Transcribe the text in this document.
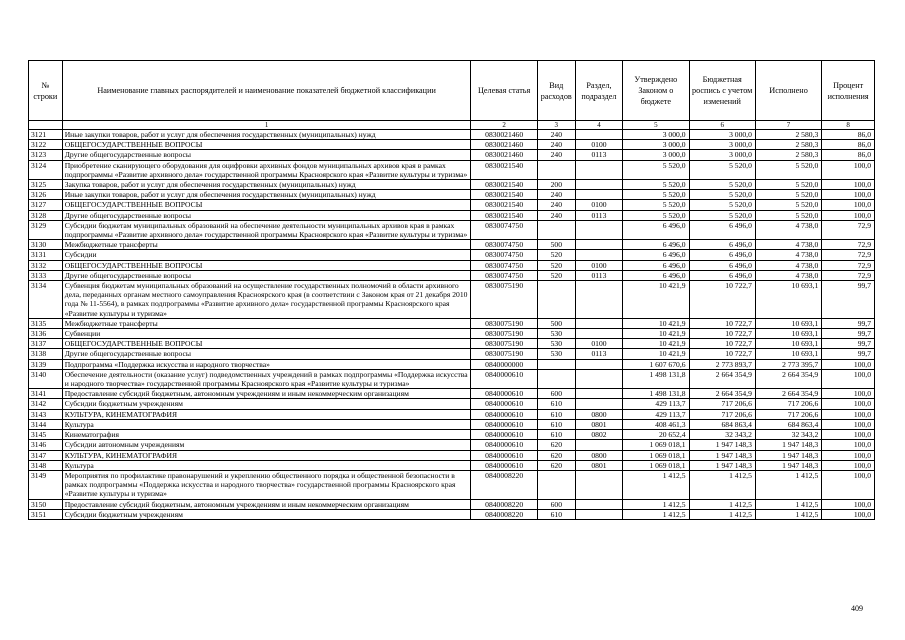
№ строки	Наименование главных распорядителей и наименование показателей бюджетной классификации	Целевая статья	Вид расходов	Раздел, подраздел	Утверждено Законом о бюджете	Бюджетная роспись с учетом изменений	Исполнено	Процент исполнения
	1	2	3	4	5	6	7	8
3121	Иные закупки товаров, работ и услуг для обеспечения государственных (муниципальных) нужд	0830021460	240		3 000,0	3 000,0	2 580,3	86,0
3122	ОБЩЕГОСУДАРСТВЕННЫЕ ВОПРОСЫ	0830021460	240	0100	3 000,0	3 000,0	2 580,3	86,0
3123	Другие общегосударственные вопросы	0830021460	240	0113	3 000,0	3 000,0	2 580,3	86,0
3124	Приобретение сканирующего оборудования для оцифровки архивных фондов муниципальных архивов края в рамках подпрограммы «Развитие архивного дела» государственной программы Красноярского края «Развитие культуры и туризма»	0830021540			5 520,0	5 520,0	5 520,0	100,0
3125	Закупка товаров, работ и услуг для обеспечения государственных (муниципальных) нужд	0830021540	200		5 520,0	5 520,0	5 520,0	100,0
3126	Иные закупки товаров, работ и услуг для обеспечения государственных (муниципальных) нужд	0830021540	240		5 520,0	5 520,0	5 520,0	100,0
3127	ОБЩЕГОСУДАРСТВЕННЫЕ ВОПРОСЫ	0830021540	240	0100	5 520,0	5 520,0	5 520,0	100,0
3128	Другие общегосударственные вопросы	0830021540	240	0113	5 520,0	5 520,0	5 520,0	100,0
3129	Субсидии бюджетам муниципальных образований на обеспечение деятельности муниципальных архивов края в рамках подпрограммы «Развитие архивного дела» государственной программы Красноярского края «Развитие культуры и туризма»	0830074750			6 496,0	6 496,0	4 738,0	72,9
3130	Межбюджетные трансферты	0830074750	500		6 496,0	6 496,0	4 738,0	72,9
3131	Субсидии	0830074750	520		6 496,0	6 496,0	4 738,0	72,9
3132	ОБЩЕГОСУДАРСТВЕННЫЕ ВОПРОСЫ	0830074750	520	0100	6 496,0	6 496,0	4 738,0	72,9
3133	Другие общегосударственные вопросы	0830074750	520	0113	6 496,0	6 496,0	4 738,0	72,9
3134	Субвенция бюджетам муниципальных образований на осуществление государственных полномочий в области архивного дела, переданных органам местного самоуправления Красноярского края (в соответствии с Законом края от 21 декабря 2010 года № 11-5564), в рамках подпрограммы «Развитие архивного дела» государственной программы Красноярского края «Развитие культуры и туризма»	0830075190			10 421,9	10 722,7	10 693,1	99,7
3135	Межбюджетные трансферты	0830075190	500		10 421,9	10 722,7	10 693,1	99,7
3136	Субвенции	0830075190	530		10 421,9	10 722,7	10 693,1	99,7
3137	ОБЩЕГОСУДАРСТВЕННЫЕ ВОПРОСЫ	0830075190	530	0100	10 421,9	10 722,7	10 693,1	99,7
3138	Другие общегосударственные вопросы	0830075190	530	0113	10 421,9	10 722,7	10 693,1	99,7
3139	Подпрограмма «Поддержка искусства и народного творчества»	0840000000			1 607 670,6	2 773 893,7	2 773 395,7	100,0
3140	Обеспечение деятельности (оказание услуг) подведомственных учреждений в рамках подпрограммы «Поддержка искусства и народного творчества» государственной программы Красноярского края «Развитие культуры и туризма»	0840000610			1 498 131,8	2 664 354,9	2 664 354,9	100,0
3141	Предоставление субсидий бюджетным, автономным учреждениям и иным некоммерческим организациям	0840000610	600		1 498 131,8	2 664 354,9	2 664 354,9	100,0
3142	Субсидии бюджетным учреждениям	0840000610	610		429 113,7	717 206,6	717 206,6	100,0
3143	КУЛЬТУРА, КИНЕМАТОГРАФИЯ	0840000610	610	0800	429 113,7	717 206,6	717 206,6	100,0
3144	Культура	0840000610	610	0801	408 461,3	684 863,4	684 863,4	100,0
3145	Кинематография	0840000610	610	0802	20 652,4	32 343,2	32 343,2	100,0
3146	Субсидии автономным учреждениям	0840000610	620		1 069 018,1	1 947 148,3	1 947 148,3	100,0
3147	КУЛЬТУРА, КИНЕМАТОГРАФИЯ	0840000610	620	0800	1 069 018,1	1 947 148,3	1 947 148,3	100,0
3148	Культура	0840000610	620	0801	1 069 018,1	1 947 148,3	1 947 148,3	100,0
3149	Мероприятия по профилактике правонарушений и укреплению общественного порядка и общественной безопасности в рамках подпрограммы «Поддержка искусства и народного творчества» государственной программы Красноярского края «Развитие культуры и туризма»	0840008220			1 412,5	1 412,5	1 412,5	100,0
3150	Предоставление субсидий бюджетным, автономным учреждениям и иным некоммерческим организациям	0840008220	600		1 412,5	1 412,5	1 412,5	100,0
3151	Субсидии бюджетным учреждениям	0840008220	610		1 412,5	1 412,5	1 412,5	100,0
409
